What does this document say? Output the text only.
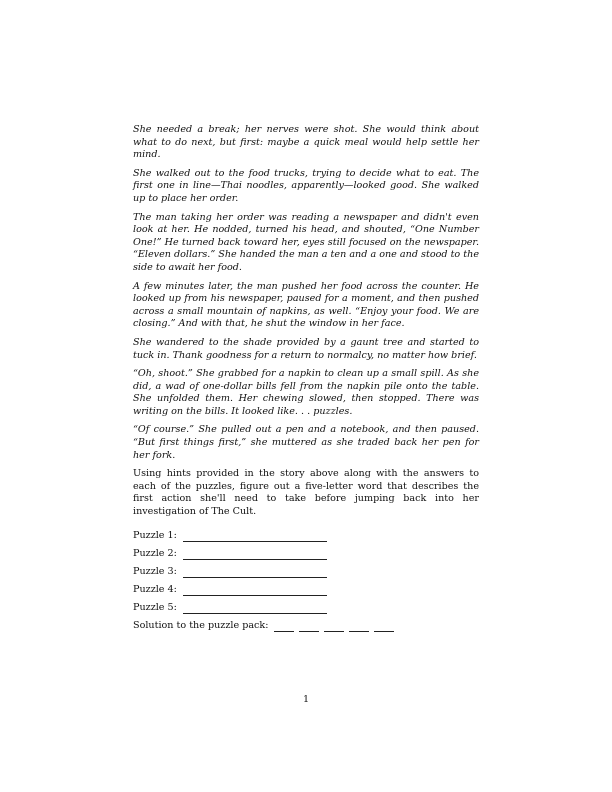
She needed a break; her nerves were shot. She would think about what to do next, but first: maybe a quick meal would help settle her mind.

She walked out to the food trucks, trying to decide what to eat. The first one in line—Thai noodles, apparently—looked good. She walked up to place her order.

The man taking her order was reading a newspaper and didn't even look at her. He nodded, turned his head, and shouted, “One Number One!” He turned back toward her, eyes still focused on the newspaper. “Eleven dollars.” She handed the man a ten and a one and stood to the side to await her food.

A few minutes later, the man pushed her food across the counter. He looked up from his newspaper, paused for a moment, and then pushed across a small mountain of napkins, as well. “Enjoy your food. We are closing.” And with that, he shut the window in her face.

She wandered to the shade provided by a gaunt tree and started to tuck in. Thank goodness for a return to normalcy, no matter how brief.

“Oh, shoot.” She grabbed for a napkin to clean up a small spill. As she did, a wad of one-dollar bills fell from the napkin pile onto the table. She unfolded them. Her chewing slowed, then stopped. There was writing on the bills. It looked like. . . puzzles.

“Of course.” She pulled out a pen and a notebook, and then paused. “But first things first,” she muttered as she traded back her pen for her fork.

Using hints provided in the story above along with the answers to each of the puzzles, figure out a five-letter word that describes the first action she'll need to take before jumping back into her investigation of The Cult.

Puzzle 1:
Puzzle 2:
Puzzle 3:
Puzzle 4:
Puzzle 5:
Solution to the puzzle pack:
1
